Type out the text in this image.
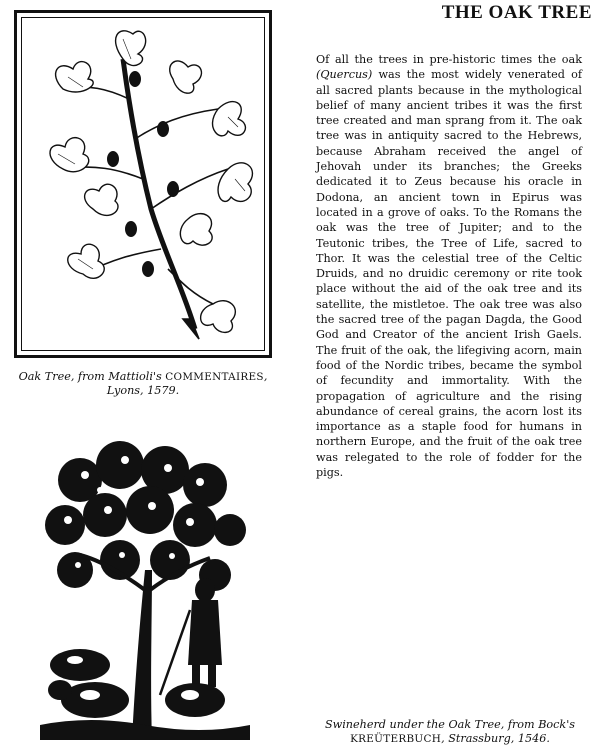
THE OAK TREE
Oak Tree, from Mattioli's COMMENTAIRES, Lyons, 1579.
Swineherd under the Oak Tree, from Bock's KREÜTERBUCH, Strassburg, 1546.
Of all the trees in pre-historic times the oak (Quercus) was the most widely venerated of all sacred plants because in the mythological belief of many ancient tribes it was the first tree created and man sprang from it. The oak tree was in antiquity sacred to the Hebrews, because Abraham received the angel of Jehovah under its branches; the Greeks dedicated it to Zeus because his oracle in Dodona, an ancient town in Epirus was located in a grove of oaks. To the Romans the oak was the tree of Jupiter; and to the Teutonic tribes, the Tree of Life, sacred to Thor. It was the celestial tree of the Celtic Druids, and no druidic ceremony or rite took place without the aid of the oak tree and its satellite, the mistletoe. The oak tree was also the sacred tree of the pagan Dagda, the Good God and Creator of the ancient Irish Gaels. The fruit of the oak, the lifegiving acorn, main food of the Nordic tribes, became the symbol of fecundity and immortality. With the propagation of agriculture and the rising abundance of cereal grains, the acorn lost its importance as a staple food for humans in northern Europe, and the fruit of the oak tree was relegated to the role of fodder for the pigs.
